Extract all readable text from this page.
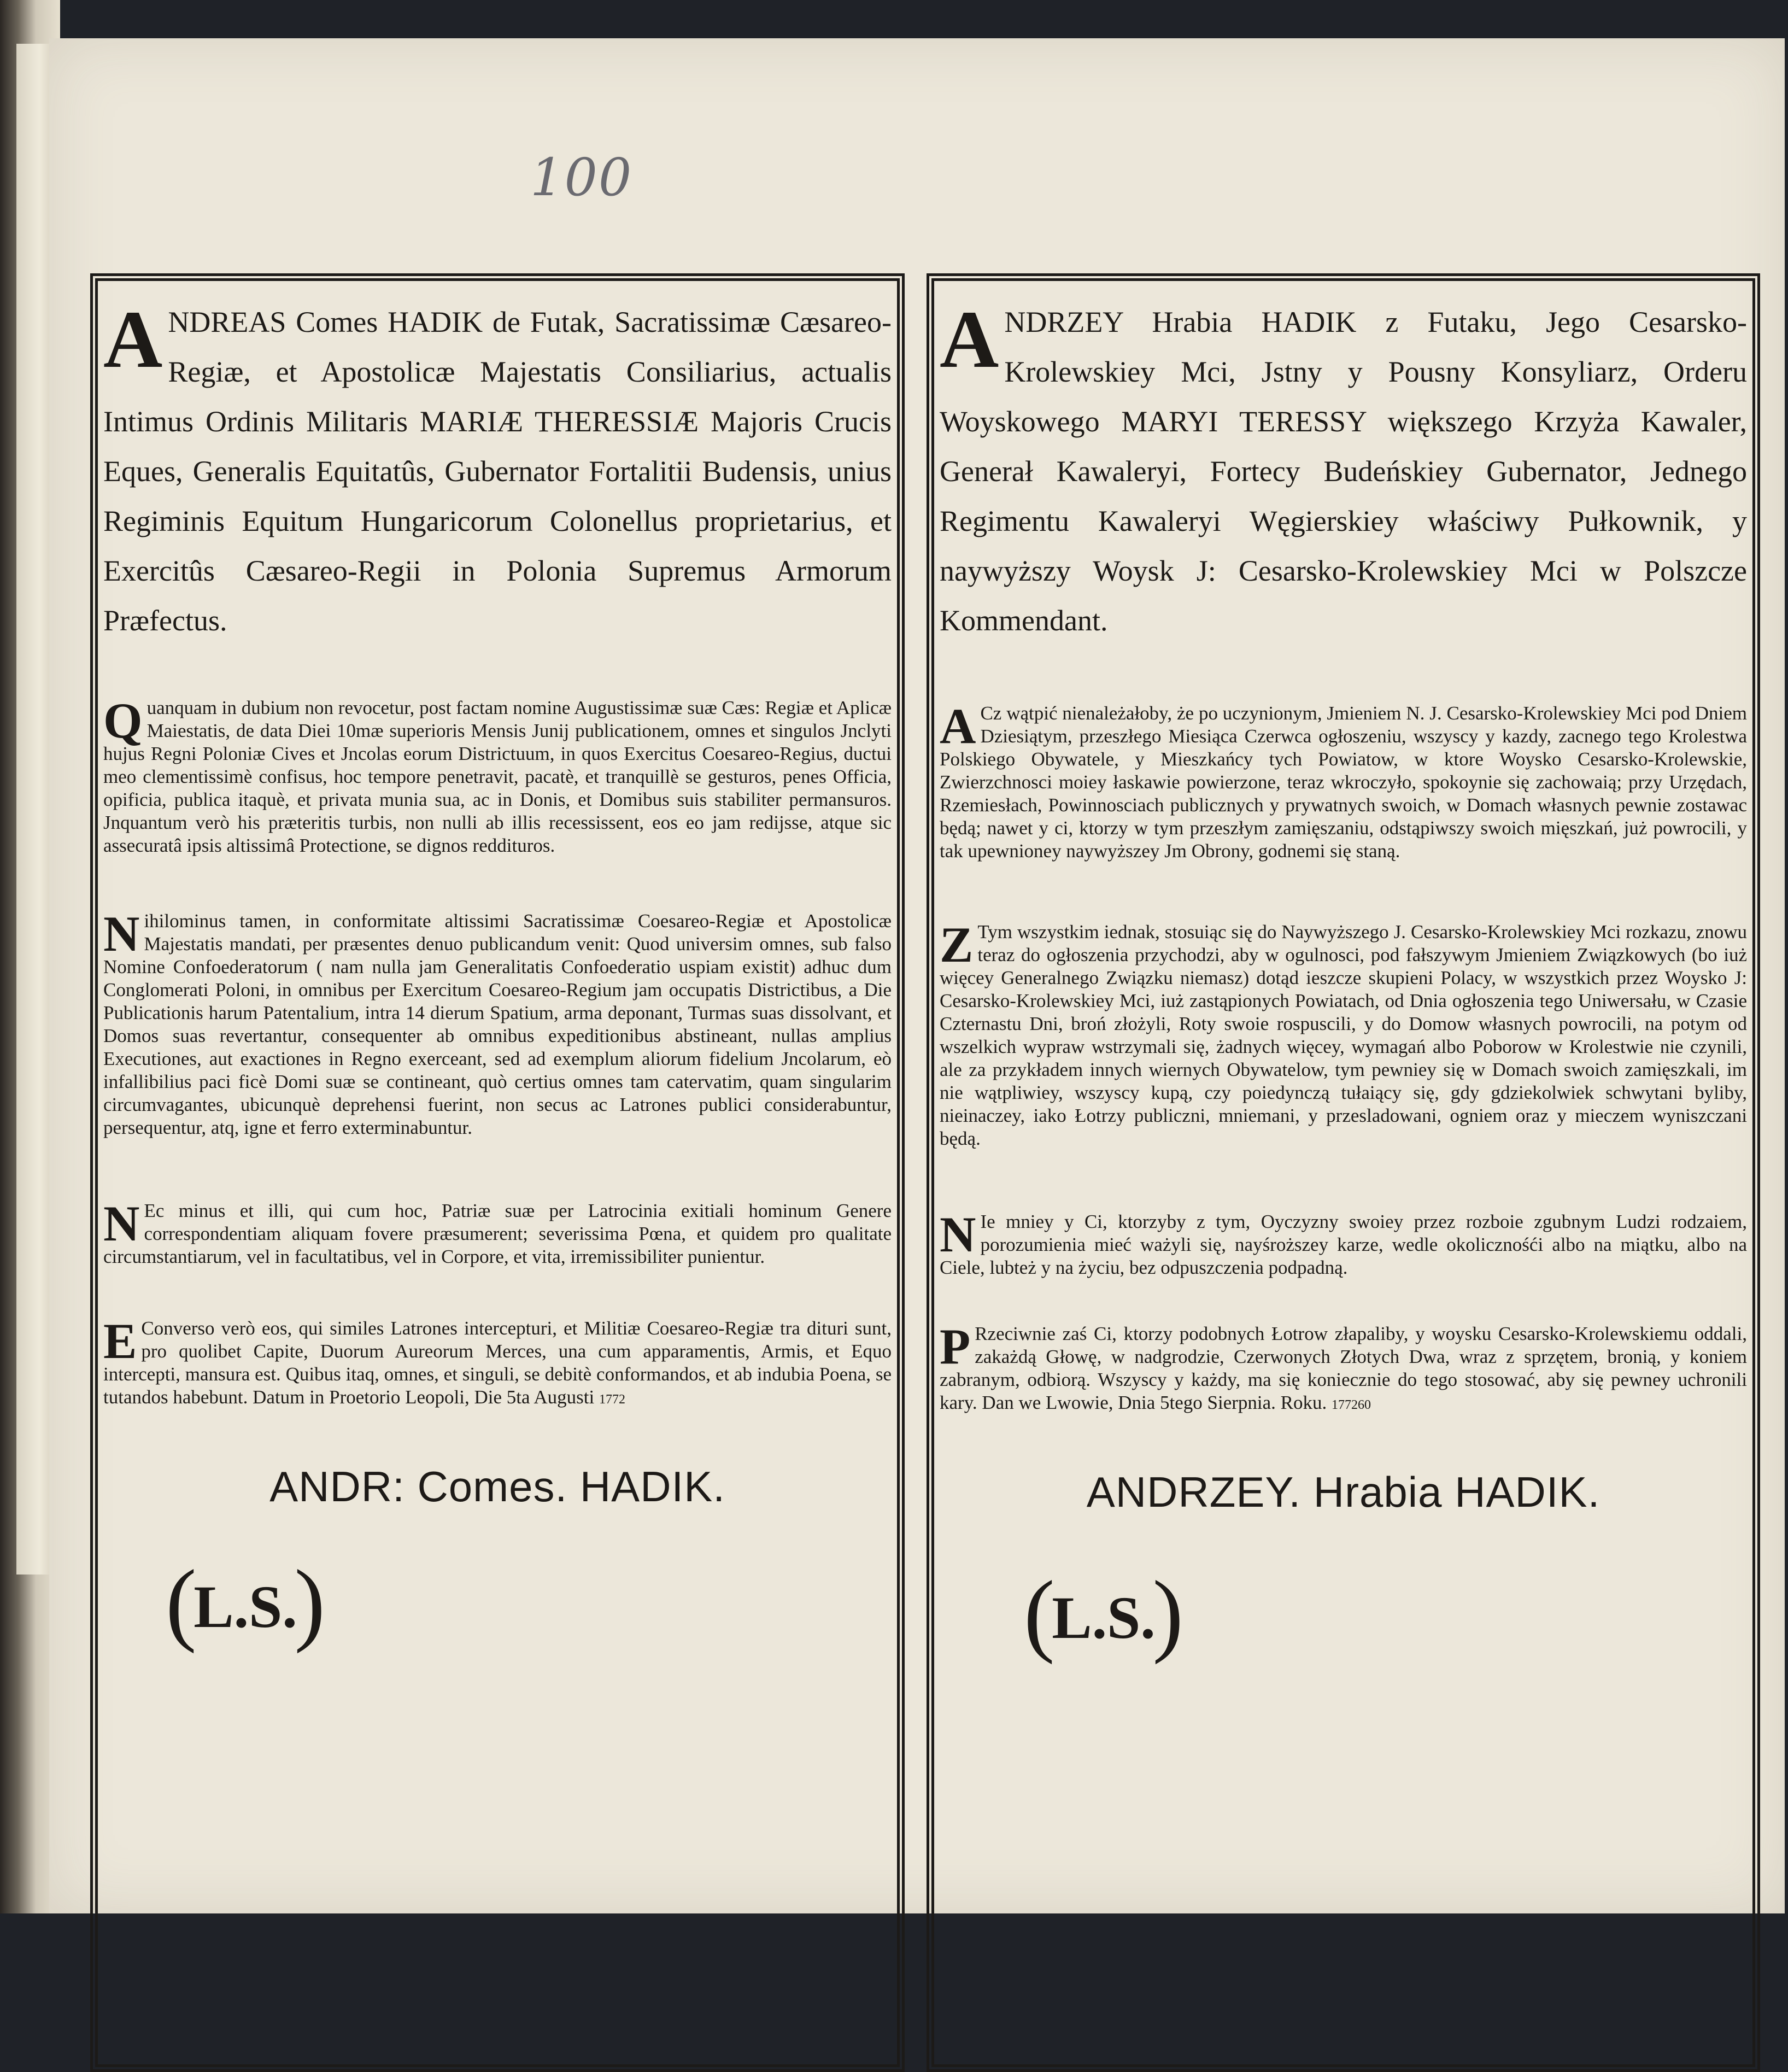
100
ANDREAS Comes HADIK de Futak, Sacratissimæ Cæsareo-Regiæ, et Apostolicæ Majestatis Consiliarius, actualis Intimus Ordinis Militaris MARIÆ THERESSIÆ Majoris Crucis Eques, Generalis Equitatûs, Gubernator Fortalitii Budensis, unius Regiminis Equitum Hungaricorum Colonellus proprietarius, et Exercitûs Cæsareo-Regii in Polonia Supremus Armorum Præfectus.
Quanquam in dubium non revocetur, post factam nomine Augustissimæ suæ Cæs: Regiæ et Aplicæ Maiestatis, de data Diei 10mæ superioris Mensis Junij publicationem, omnes et singulos Jnclyti hujus Regni Poloniæ Cives et Jncolas eorum Districtuum, in quos Exercitus Coesareo-Regius, ductui meo clementissimè confisus, hoc tempore penetravit, pacatè, et tranquillè se gesturos, penes Officia, opificia, publica itaquè, et privata munia sua, ac in Donis, et Domibus suis stabiliter permansuros. Jnquantum verò his præteritis turbis, non nulli ab illis recessissent, eos eo jam redijsse, atque sic assecuratâ ipsis altissimâ Protectione, se dignos reddituros.
Nihilominus tamen, in conformitate altissimi Sacratissimæ Coesareo-Regiæ et Apostolicæ Majestatis mandati, per præsentes denuo publicandum venit: Quod universim omnes, sub falso Nomine Confoederatorum ( nam nulla jam Generalitatis Confoederatio uspiam existit) adhuc dum Conglomerati Poloni, in omnibus per Exercitum Coesareo-Regium jam occupatis Districtibus, a Die Publicationis harum Patentalium, intra 14 dierum Spatium, arma deponant, Turmas suas dissolvant, et Domos suas revertantur, consequenter ab omnibus expeditionibus abstineant, nullas amplius Executiones, aut exactiones in Regno exerceant, sed ad exemplum aliorum fidelium Jncolarum, eò infallibilius paci ficè Domi suæ se contineant, quò certius omnes tam catervatim, quam singularim circumvagantes, ubicunquè deprehensi fuerint, non secus ac Latrones publici considerabuntur, persequentur, atq, igne et ferro exterminabuntur.
N Ec minus et illi, qui cum hoc, Patriæ suæ per Latrocinia exitiali hominum Genere correspondentiam aliquam fovere præsumerent; severissima Pœna, et quidem pro qualitate circumstantiarum, vel in facultatibus, vel in Corpore, et vita, irremissibiliter punientur.
E Converso verò eos, qui similes Latrones intercepturi, et Militiæ Coesareo-Regiæ tra dituri sunt, pro quolibet Capite, Duorum Aureorum Merces, una cum apparamentis, Armis, et Equo intercepti, mansura est. Quibus itaq, omnes, et singuli, se debitè conformandos, et ab indubia Poena, se tutandos habebunt. Datum in Proetorio Leopoli, Die 5ta Augusti 1772
ANDR: Comes. HADIK.
(
L.S.
)
ANDRZEY Hrabia HADIK z Futaku, Jego Cesarsko-Krolewskiey Mci, Jstny y Pousny Konsyliarz, Orderu Woyskowego MARYI TERESSY większego Krzyża Kawaler, Generał Kawaleryi, Fortecy Budeńskiey Gubernator, Jednego Regimentu Kawaleryi Węgierskiey właściwy Pułkownik, y naywyższy Woysk J: Cesarsko-Krolewskiey Mci w Polszcze Kommendant.
A Cz wątpić nienależałoby, że po uczynionym, Jmieniem N. J. Cesarsko-Krolewskiey Mci pod Dniem Dziesiątym, przeszłego Miesiąca Czerwca ogłoszeniu, wszyscy y kazdy, zacnego tego Krolestwa Polskiego Obywatele, y Mieszkańcy tych Powiatow, w ktore Woysko Cesarsko-Krolewskie, Zwierzchnosci moiey łaskawie powierzone, teraz wkroczyło, spokoynie się zachowaią; przy Urzędach, Rzemiesłach, Powinnosciach publicznych y prywatnych swoich, w Domach własnych pewnie zostawac będą; nawet y ci, ktorzy w tym przeszłym zamięszaniu, odstąpiwszy swoich mięszkań, już powrocili, y tak upewnioney naywyższey Jm Obrony, godnemi się staną.
Z Tym wszystkim iednak, stosuiąc się do Naywyższego J. Cesarsko-Krolewskiey Mci rozkazu, znowu teraz do ogłoszenia przychodzi, aby w ogulnosci, pod fałszywym Jmieniem Związkowych (bo iuż więcey Generalnego Związku niemasz) dotąd ieszcze skupieni Polacy, w wszystkich przez Woysko J: Cesarsko-Krolewskiey Mci, iuż zastąpionych Powiatach, od Dnia ogłoszenia tego Uniwersału, w Czasie Czternastu Dni, broń złożyli, Roty swoie rospuscili, y do Domow własnych powrocili, na potym od wszelkich wypraw wstrzymali się, żadnych więcey, wymagań albo Poborow w Krolestwie nie czynili, ale za przykładem innych wiernych Obywatelow, tym pewniey się w Domach swoich zamięszkali, im nie wątpliwiey, wszyscy kupą, czy poiedynczą tułaiący się, gdy gdziekolwiek schwytani byliby, nieinaczey, iako Łotrzy publiczni, mniemani, y przesladowani, ogniem oraz y mieczem wyniszczani będą.
N Ie mniey y Ci, ktorzyby z tym, Oyczyzny swoiey przez rozboie zgubnym Ludzi rodzaiem, porozumienia mieć ważyli się, nayśroższey karze, wedle okolicznośći albo na miątku, albo na Ciele, lubteż y na życiu, bez odpuszczenia podpadną.
P Rzeciwnie zaś Ci, ktorzy podobnych Łotrow złapaliby, y woysku Cesarsko-Krolewskiemu oddali, zakażdą Głowę, w nadgrodzie, Czerwonych Złotych Dwa, wraz z sprzętem, bronią, y koniem zabranym, odbiorą. Wszyscy y każdy, ma się koniecznie do tego stosować, aby się pewney uchronili kary. Dan we Lwowie, Dnia 5tego Sierpnia. Roku. 177260
ANDRZEY. Hrabia HADIK.
(
L.S.
)
